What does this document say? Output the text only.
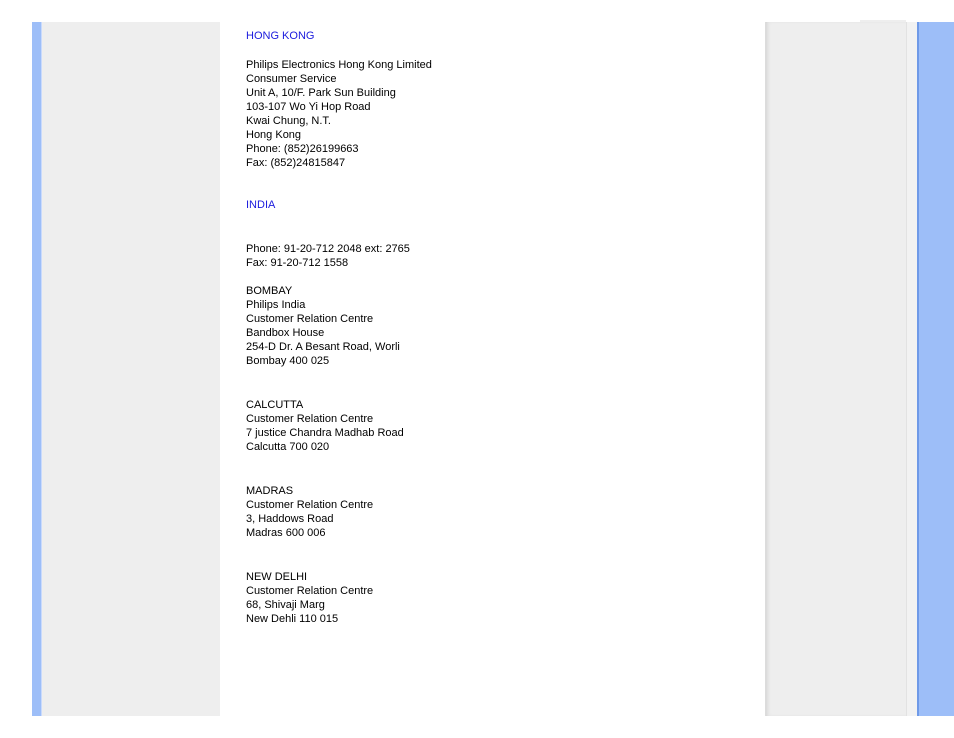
HONG KONG

Philips Electronics Hong Kong Limited

Consumer Service

Unit A, 10/F. Park Sun Building

103-107 Wo Yi Hop Road

Kwai Chung, N.T.

Hong Kong

Phone: (852)26199663

Fax: (852)24815847

INDIA

Phone: 91-20-712 2048 ext: 2765

Fax: 91-20-712 1558

BOMBAY

Philips India

Customer Relation Centre

Bandbox House

254-D Dr. A Besant Road, Worli

Bombay 400 025

CALCUTTA

Customer Relation Centre

7 justice Chandra Madhab Road

Calcutta 700 020

MADRAS

Customer Relation Centre

3, Haddows Road

Madras 600 006

NEW DELHI

Customer Relation Centre

68, Shivaji Marg

New Dehli 110 015
